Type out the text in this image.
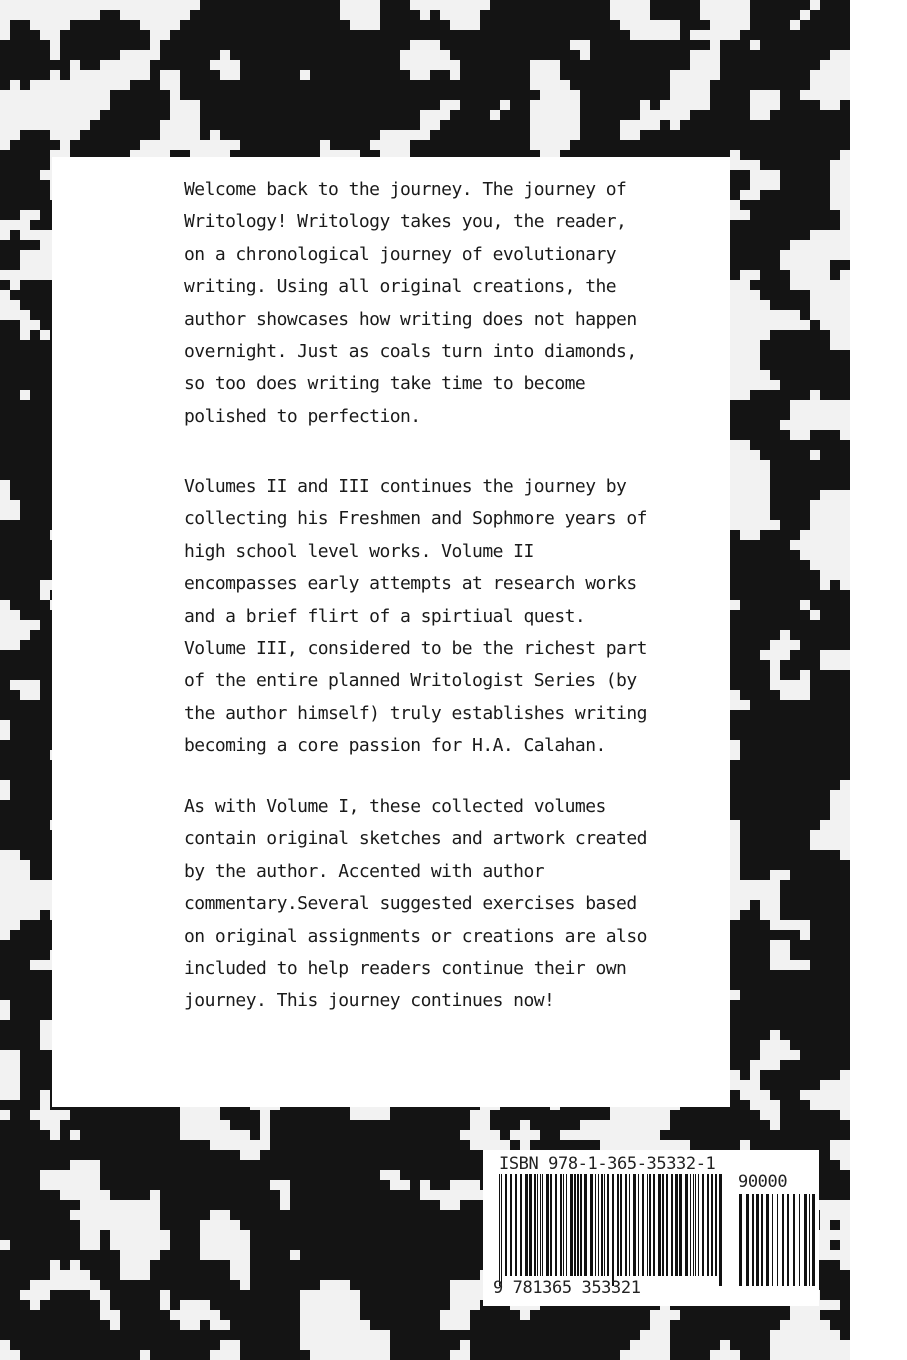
Welcome back to the journey. The journey of
Writology! Writology takes you, the reader,
on a chronological journey of evolutionary
writing. Using all original creations, the
author showcases how writing does not happen
overnight. Just as coals turn into diamonds,
so too does writing take time to become
polished to perfection.

Volumes II and III continues the journey by
collecting his Freshmen and Sophmore years of
high school level works. Volume II
encompasses early attempts at research works
and a brief flirt of a spirtiual quest.
Volume III, considered to be the richest part
of the entire planned Writologist Series (by
the author himself) truly establishes writing
becoming a core passion for H.A. Calahan.

As with Volume I, these collected volumes
contain original sketches and artwork created
by the author. Accented with author
commentary.Several suggested exercises based
on original assignments or creations are also
included to help readers continue their own
journey. This journey continues now!

ISBN 978-1-365-35332-1
90000
9 781365 353321
